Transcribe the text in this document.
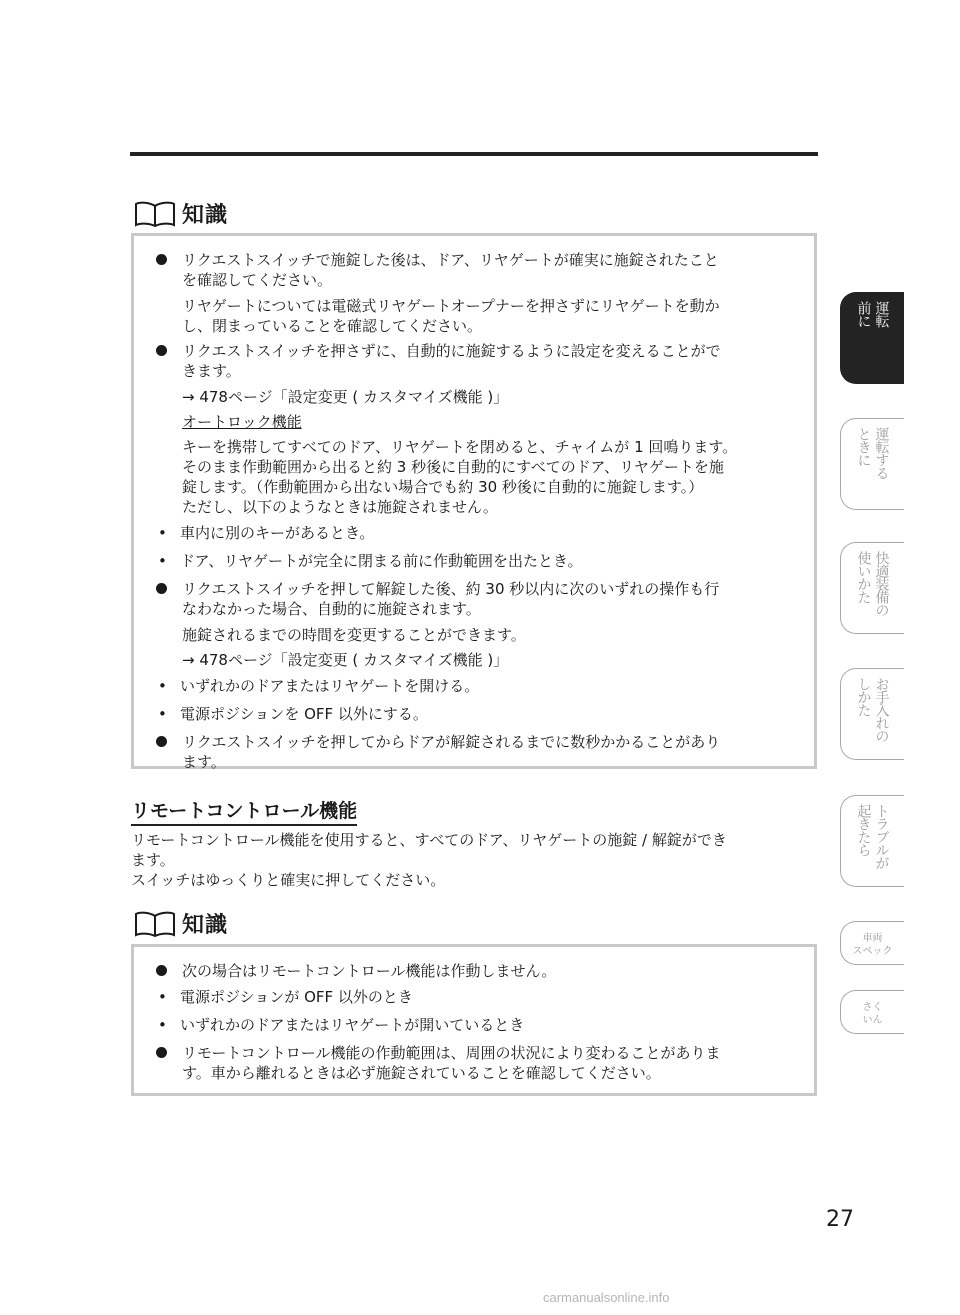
知識
リクエストスイッチで施錠した後は、ドア、リヤゲートが確実に施錠されたこと
を確認してください。
リヤゲートについては電磁式リヤゲートオープナーを押さずにリヤゲートを動か
し、閉まっていることを確認してください。
リクエストスイッチを押さずに、自動的に施錠するように設定を変えることがで
きます。
→ 478ページ「設定変更 ( カスタマイズ機能 )」
オートロック機能
キーを携帯してすべてのドア、リヤゲートを閉めると、チャイムが 1 回鳴ります。
そのまま作動範囲から出ると約 3 秒後に自動的にすべてのドア、リヤゲートを施
錠します。（作動範囲から出ない場合でも約 30 秒後に自動的に施錠します。）
ただし、以下のようなときは施錠されません。
• 車内に別のキーがあるとき。
• ドア、リヤゲートが完全に閉まる前に作動範囲を出たとき。
リクエストスイッチを押して解錠した後、約 30 秒以内に次のいずれの操作も行
なわなかった場合、自動的に施錠されます。
施錠されるまでの時間を変更することができます。
→ 478ページ「設定変更 ( カスタマイズ機能 )」
• いずれかのドアまたはリヤゲートを開ける。
• 電源ポジションを OFF 以外にする。
リクエストスイッチを押してからドアが解錠されるまでに数秒かかることがあり
ます。
リモートコントロール機能

リモートコントロール機能を使用すると、すべてのドア、リヤゲートの施錠 / 解錠ができ

ます。

スイッチはゆっくりと確実に押してください。

知識
次の場合はリモートコントロール機能は作動しません。
• 電源ポジションが OFF 以外のとき
• いずれかのドアまたはリヤゲートが開いているとき
リモートコントロール機能の作動範囲は、周囲の状況により変わることがありま
す。車から離れるときは必ず施錠されていることを確認してください。
運転
前に
運転する
ときに
快適装備の
使いかた
お手入れの
しかた
トラブルが
起きたら
車両
スペック
さく
いん
27
carmanualsonline.info
